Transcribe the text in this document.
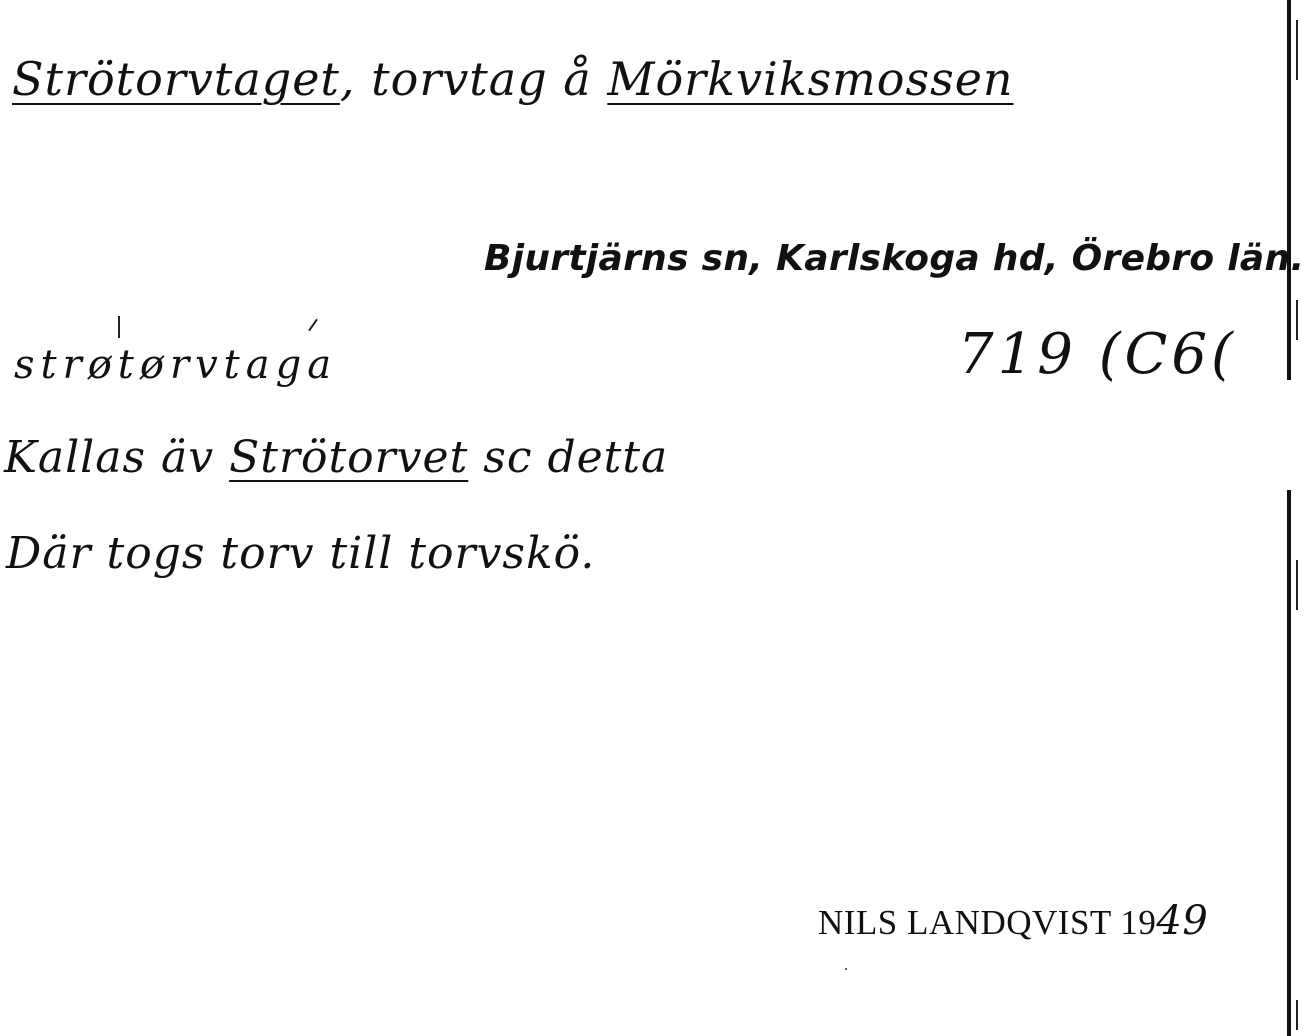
Strötorvtaget, torvtag å Mörkviksmossen
Bjurtjärns sn, Karlskoga hd, Örebro län.
strøtørvtaga	719 (C6(
Kallas äv Strötorvet sc detta
Där togs torv till torvskö.
NILS LANDQVIST 1949
